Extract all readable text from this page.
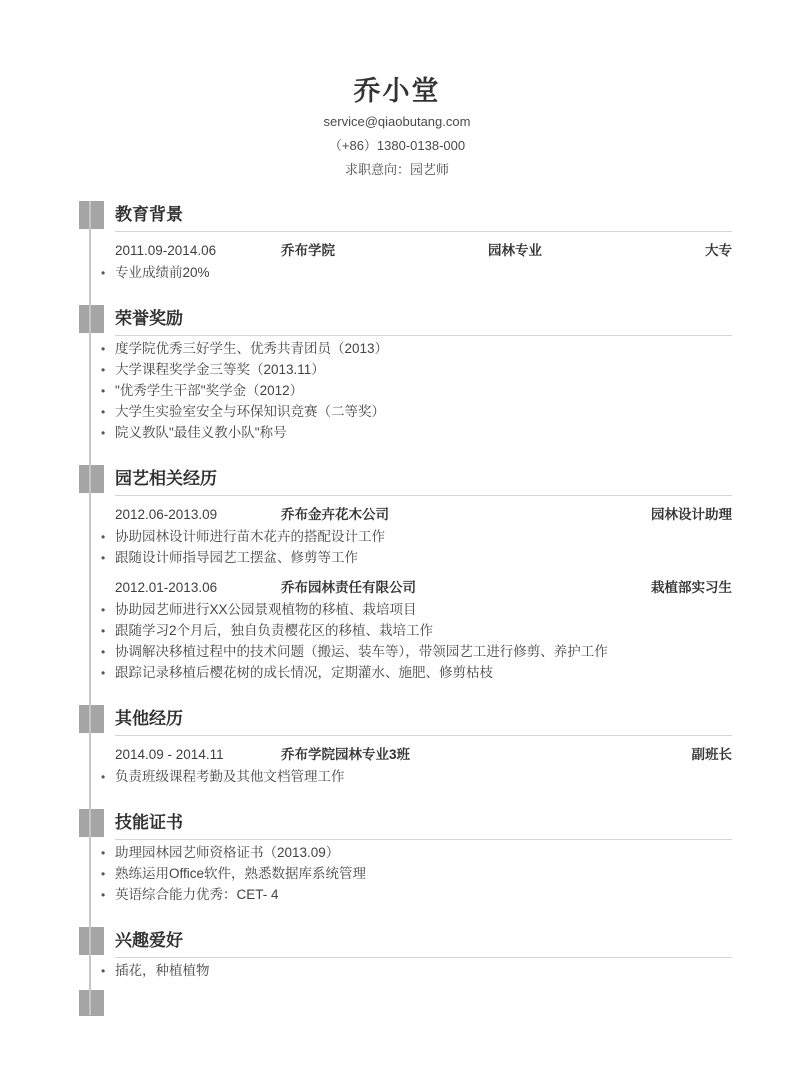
乔小堂
service@qiaobutang.com
（+86）1380-0138-000
求职意向：园艺师
教育背景
2011.09-2014.06	乔布学院	园林专业	大专
• 专业成绩前20%
荣誉奖励
• 度学院优秀三好学生、优秀共青团员（2013）
• 大学课程奖学金三等奖（2013.11）
• "优秀学生干部"奖学金（2012）
• 大学生实验室安全与环保知识竞赛（二等奖）
• 院义教队"最佳义教小队"称号
园艺相关经历
2012.06-2013.09	乔布金卉花木公司	园林设计助理
• 协助园林设计师进行苗木花卉的搭配设计工作
• 跟随设计师指导园艺工摆盆、修剪等工作
2012.01-2013.06	乔布园林责任有限公司	栽植部实习生
• 协助园艺师进行XX公园景观植物的移植、栽培项目
• 跟随学习2个月后，独自负责樱花区的移植、栽培工作
• 协调解决移植过程中的技术问题（搬运、装车等），带领园艺工进行修剪、养护工作
• 跟踪记录移植后樱花树的成长情况，定期灌水、施肥、修剪枯枝
其他经历
2014.09 - 2014.11	乔布学院园林专业3班	副班长
• 负责班级课程考勤及其他文档管理工作
技能证书
• 助理园林园艺师资格证书（2013.09）
• 熟练运用Office软件，熟悉数据库系统管理
• 英语综合能力优秀：CET- 4
兴趣爱好
• 插花，种植植物
